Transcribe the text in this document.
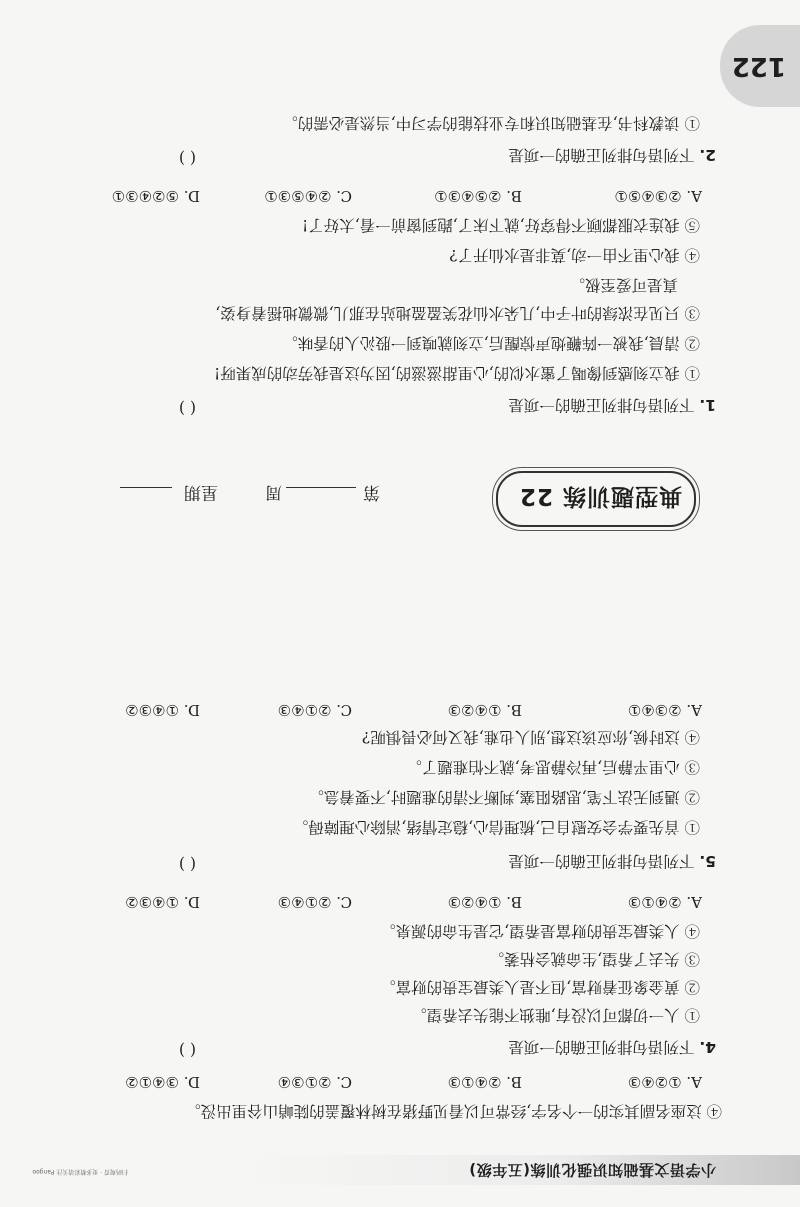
小学语文基础知识强化训练(五年级)
扫码观看 · 更多精彩请关注 Pangoo
④ 这座名副其实的一个名字,经常可以看见野猪在树林覆盖的陡峭山谷里出没。
A. ①②④③
B. ②④①③
C. ②①③④
D. ③④①②
4. 下列语句排列正确的一项是
( )
① 人一切都可以没有,唯独不能失去希望。
② 黄金象征着财富,但不是人类最宝贵的财富。
③ 失去了希望,生命就会枯萎。
④ 人类最宝贵的财富是希望,它是生命的源泉。
A. ②④①③
B. ①④②③
C. ②①④③
D. ①④③②
5. 下列语句排列正确的一项是
( )
① 首先要学会安慰自己,梳理信心,稳定情绪,消除心理障碍。
② 遇到无法下笔,思路阻塞,判断不清的难题时,不要着急。
③ 心里平静后,再冷静思考,就不怕难题了。
④ 这时候,你应该这想,别人也难,我又何必畏惧呢?
A. ②③④①
B. ①④②③
C. ②①④③
D. ①④③②
典型题训练 22
第
周
星期
1. 下列语句排列正确的一项是
( )
① 我立刻感到像喝了蜜水似的,心里甜滋滋的,因为这是我劳动的成果呀!
② 清晨,我被一阵鞭炮声惊醒后,立刻就嗅到一股沁人的香味。
③ 只见在浓绿的叶子中,几朵水仙花笑盈盈地站在那儿,微微地摇着身姿,
真是可爱至极。
④ 我心里不由一动,莫非是水仙开了?
⑤ 我连衣服都顾不得穿好,就下床了,跑到窗前一看,太好了!
A. ②③④⑤①
B. ②⑤④③①
C. ②④⑤③①
D. ⑤②④③①
2. 下列语句排列正确的一项是
( )
① 读教科书,在基础知识和专业技能的学习中,当然是必需的。
122
